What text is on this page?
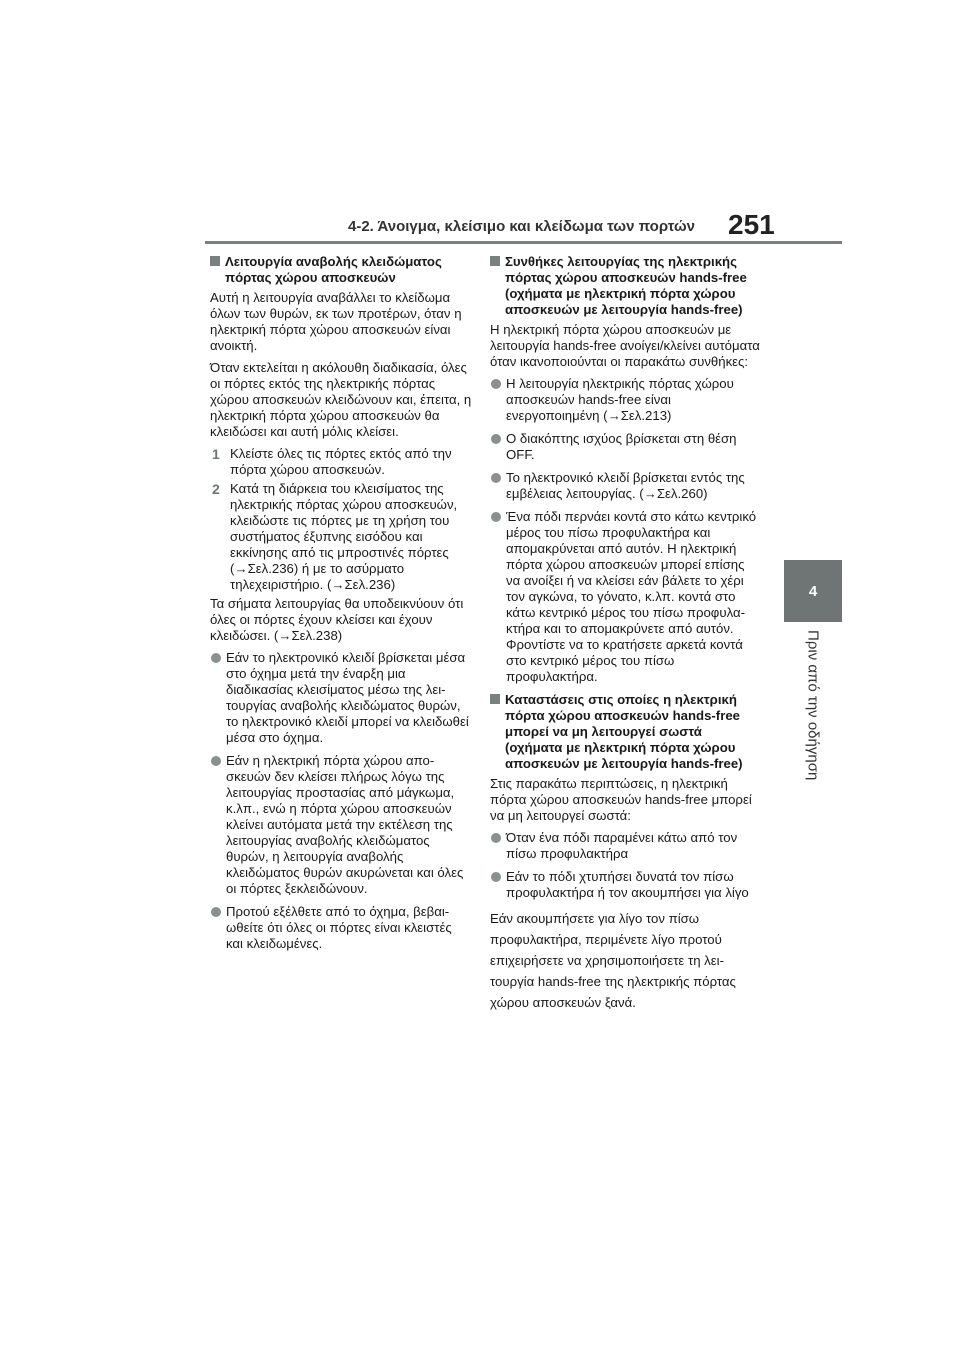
4-2. Άνοιγμα, κλείσιμο και κλείδωμα των πορτών 251
4
Πριν από την οδήγηση
Λειτουργία αναβολής κλειδώματος πόρτας χώρου αποσκευών

Αυτή η λειτουργία αναβάλλει το κλείδωμα όλων των θυρών, εκ των προτέρων, όταν η ηλεκτρική πόρτα χώρου αποσκευών είναι ανοικτή.

Όταν εκτελείται η ακόλουθη διαδικασία, όλες οι πόρτες εκτός της ηλεκτρικής πόρτας χώρου αποσκευών κλειδώνουν και, έπειτα, η ηλεκτρική πόρτα χώρου αποσκευών θα κλειδώσει και αυτή μόλις κλείσει.

1 Κλείστε όλες τις πόρτες εκτός από την πόρτα χώρου αποσκευών.
2 Κατά τη διάρκεια του κλεισίματος της ηλεκτρικής πόρτας χώρου αποσκευών, κλειδώστε τις πόρτες με τη χρήση του συστήματος έξυπνης εισόδου και εκκίνησης από τις μπροστινές πόρτες (→Σελ.236) ή με το ασύρματο τηλεχειριστήριο. (→Σελ.236)

Τα σήματα λειτουργίας θα υποδεικνύουν ότι όλες οι πόρτες έχουν κλείσει και έχουν κλειδώσει. (→Σελ.238)

Εάν το ηλεκτρονικό κλειδί βρίσκεται μέσα στο όχημα μετά την έναρξη μια διαδικασίας κλεισίματος μέσω της λειτουργίας αναβολής κλειδώματος θυρών, το ηλεκτρονικό κλειδί μπορεί να κλειδωθεί μέσα στο όχημα.
Εάν η ηλεκτρική πόρτα χώρου αποσκευών δεν κλείσει πλήρως λόγω της λειτουργίας προστασίας από μάγκωμα, κ.λπ., ενώ η πόρτα χώρου αποσκευών κλείνει αυτόματα μετά την εκτέλεση της λειτουργίας αναβολής κλειδώματος θυρών, η λειτουργία αναβολής κλειδώματος θυρών ακυρώνεται και όλες οι πόρτες ξεκλειδώνουν.
Προτού εξέλθετε από το όχημα, βεβαιωθείτε ότι όλες οι πόρτες είναι κλειστές και κλειδωμένες.
Συνθήκες λειτουργίας της ηλεκτρικής πόρτας χώρου αποσκευών hands-free (οχήματα με ηλεκτρική πόρτα χώρου αποσκευών με λειτουργία hands-free)

Η ηλεκτρική πόρτα χώρου αποσκευών με λειτουργία hands-free ανοίγει/κλείνει αυτόματα όταν ικανοποιούνται οι παρακάτω συνθήκες:

Η λειτουργία ηλεκτρικής πόρτας χώρου αποσκευών hands-free είναι ενεργοποιημένη (→Σελ.213)
Ο διακόπτης ισχύος βρίσκεται στη θέση OFF.
Το ηλεκτρονικό κλειδί βρίσκεται εντός της εμβέλειας λειτουργίας. (→Σελ.260)
Ένα πόδι περνάει κοντά στο κάτω κεντρικό μέρος του πίσω προφυλακτήρα και απομακρύνεται από αυτόν. Η ηλεκτρική πόρτα χώρου αποσκευών μπορεί επίσης να ανοίξει ή να κλείσει εάν βάλετε το χέρι τον αγκώνα, το γόνατο, κ.λπ. κοντά στο κάτω κεντρικό μέρος του πίσω προφυλακτήρα και το απομακρύνετε από αυτόν. Φροντίστε να το κρατήσετε αρκετά κοντά στο κεντρικό μέρος του πίσω προφυλακτήρα.
Καταστάσεις στις οποίες η ηλεκτρική πόρτα χώρου αποσκευών hands-free μπορεί να μη λειτουργεί σωστά (οχήματα με ηλεκτρική πόρτα χώρου αποσκευών με λειτουργία hands-free)

Στις παρακάτω περιπτώσεις, η ηλεκτρική πόρτα χώρου αποσκευών hands-free μπορεί να μη λειτουργεί σωστά:

Όταν ένα πόδι παραμένει κάτω από τον πίσω προφυλακτήρα
Εάν το πόδι χτυπήσει δυνατά τον πίσω προφυλακτήρα ή τον ακουμπήσει για λίγο

Εάν ακουμπήσετε για λίγο τον πίσω προφυλακτήρα, περιμένετε λίγο προτού επιχειρήσετε να χρησιμοποιήσετε τη λειτουργία hands-free της ηλεκτρικής πόρτας χώρου αποσκευών ξανά.
